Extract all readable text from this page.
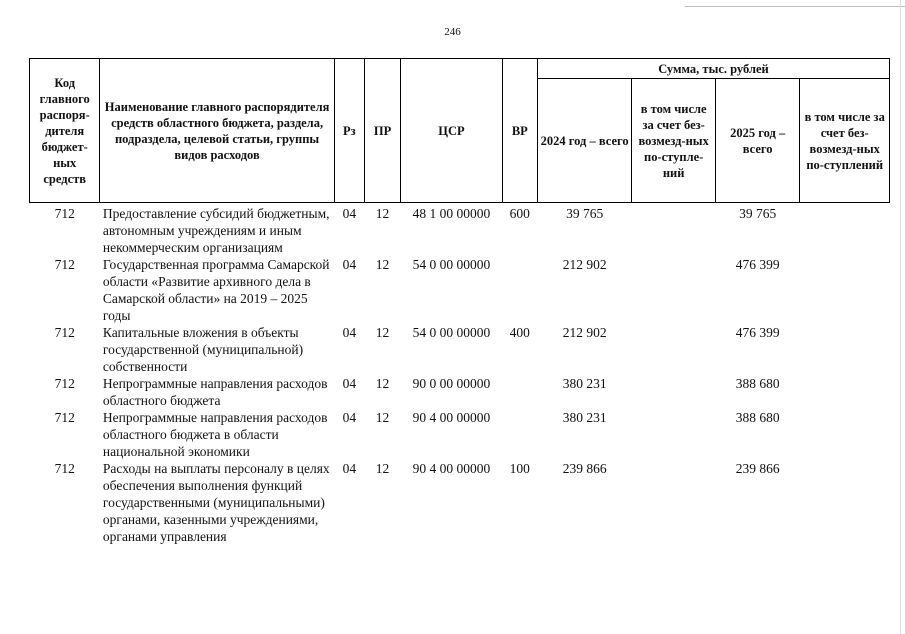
246
Код главного распоря-дителя бюджет-ных средств	Наименование главного распорядителя средств областного бюджета, раздела, подраздела, целевой статьи, группы видов расходов	Рз	ПР	ЦСР	ВР	Сумма, тыс. рублей			
						2024 год – всего	в том числе за счет без-возмезд-ных по-ступле-ний	2025 год – всего	в том числе за счет без-возмезд-ных по-ступлений
712	Предоставление субсидий бюджетным, автономным учреждениям и иным некоммерческим организациям	04	12	48 1 00 00000	600	39 765		39 765	
712	Государственная программа Самарской области «Развитие архивного дела в Самарской области» на 2019 – 2025 годы	04	12	54 0 00 00000		212 902		476 399	
712	Капитальные вложения в объекты государственной (муниципальной) собственности	04	12	54 0 00 00000	400	212 902		476 399	
712	Непрограммные направления расходов областного бюджета	04	12	90 0 00 00000		380 231		388 680	
712	Непрограммные направления расходов областного бюджета в области национальной экономики	04	12	90 4 00 00000		380 231		388 680	
712	Расходы на выплаты персоналу в целях обеспечения выполнения функций государственными (муниципальными) органами, казенными учреждениями, органами управления	04	12	90 4 00 00000	100	239 866		239 866	
